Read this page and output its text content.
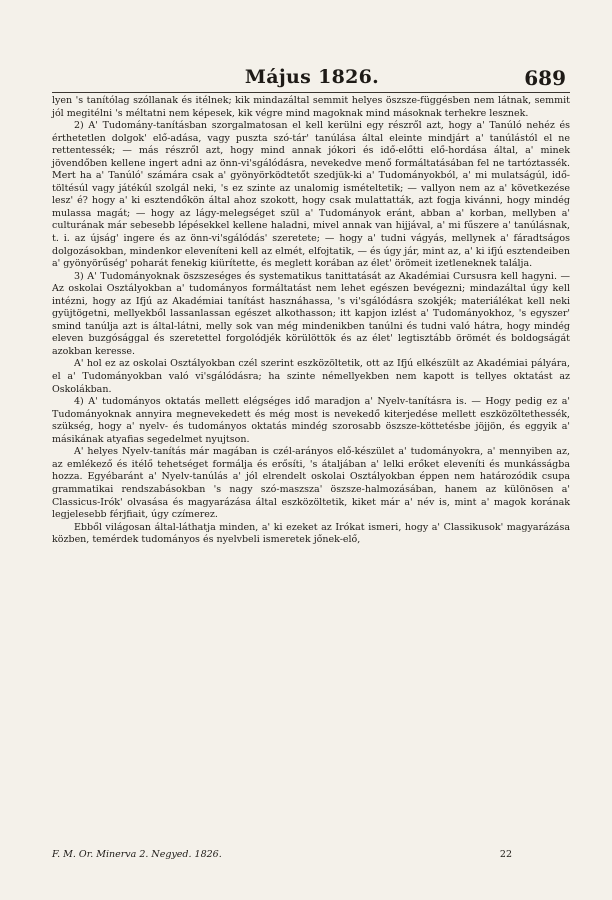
Május 1826.	689

lyen 's tanítólag szóllanak és itélnek; kik mindazáltal semmit helyes öszsze-függésben nem látnak, semmit jól megitélni 's méltatni nem képesek, kik végre mind magoknak mind másoknak terhekre lesznek.

2) A' Tudomány-tanításban szorgalmatosan el kell kerülni egy részről azt, hogy a' Tanúló nehéz és érthetetlen dolgok' elő-adása, vagy puszta szó-tár' tanúlása által eleinte mindjárt a' tanúlástól el ne rettentessék; — más részről azt, hogy mind annak jókori és idő-előtti elő-hordása által, a' minek jövendőben kellene ingert adni az önn-vi'sgálódásra, nevekedve menő formáltatásában fel ne tartóztassék. Mert ha a' Tanúló' számára csak a' gyönyörködtetőt szedjük-ki a' Tudományokból, a' mi mulatságúl, idő-töltésúl vagy játékúl szolgál neki, 's ez szinte az unalomig ismételtetik; — vallyon nem az a' következése lesz' é? hogy a' ki esztendőkön által ahoz szokott, hogy csak mulattatták, azt fogja kivánni, hogy mindég mulassa magát; — hogy az lágy-melegséget szül a' Tudományok eránt, abban a' korban, mellyben a' culturának már sebesebb lépésekkel kellene haladni, mivel annak van hijjával, a' mi fűszere a' tanúlásnak, t. i. az újság' ingere és az önn-vi'sgálódás' szeretete; — hogy a' tudni vágyás, mellynek a' fáradtságos dolgozásokban, mindenkor eleveníteni kell az elmét, elfojtatik, — és úgy jár, mint az, a' ki ifjú esztendeiben a' gyönyörűség' poharát fenekig kiürítette, és meglett korában az élet' örömeit izetleneknek találja.

3) A' Tudományoknak öszszeséges és systematikus tanittatását az Akadémiai Cursusra kell hagyni. — Az oskolai Osztályokban a' tudományos formáltatást nem lehet egészen bevégezni; mindazáltal úgy kell intézni, hogy az Ifjú az Akadémiai tanítást hasznáhassa, 's vi'sgálódásra szokjék; materiálékat kell neki gyüjtögetni, mellyekből lassanlassan egészet alkothasson; itt kapjon izlést a' Tudományokhoz, 's egyszer' smind tanúlja azt is által-látni, melly sok van még mindenikben tanúlni és tudni való hátra, hogy mindég eleven buzgósággal és szeretettel forgolódjék körülöttök és az élet' legtisztább örömét és boldogságát azokban keresse.

A' hol ez az oskolai Osztályokban czél szerint eszközöltetik, ott az Ifjú elkészült az Akadémiai pályára, el a' Tudományokban való vi'sgálódásra; ha szinte némellyekben nem kapott is tellyes oktatást az Oskolákban.

4) A' tudományos oktatás mellett elégséges idő maradjon a' Nyelv-tanításra is. — Hogy pedig ez a' Tudományoknak annyira megnevekedett és még most is nevekedő kiterjedése mellett eszközöltethessék, szükség, hogy a' nyelv- és tudományos oktatás mindég szorosabb öszsze-köttetésbe jöjjön, és eggyik a' másikának atyafias segedelmet nyujtson.

A' helyes Nyelv-tanítás már magában is czél-arányos elő-készület a' tudományokra, a' mennyiben az, az emlékező és itélő tehetséget formálja és erősíti, 's átaljában a' lelki erőket eleveníti és munkásságba hozza. Egyébaránt a' Nyelv-tanúlás a' jól elrendelt oskolai Osztályokban éppen nem határozódik csupa grammatikai rendszabásokban 's nagy szó-maszsza' öszsze-halmozásában, hanem az különösen a' Classicus-Irók' olvasása és magyarázása által eszközöltetik, kiket már a' név is, mint a' magok korának legjelesebb férjfiait, úgy czímerez.

Ebből világosan által-láthatja minden, a' ki ezeket az Irókat ismeri, hogy a' Classikusok' magyarázása közben, temérdek tudományos és nyelvbeli ismeretek jőnek-elő,

F. M. Or. Minerva 2. Negyed. 1826.	22
